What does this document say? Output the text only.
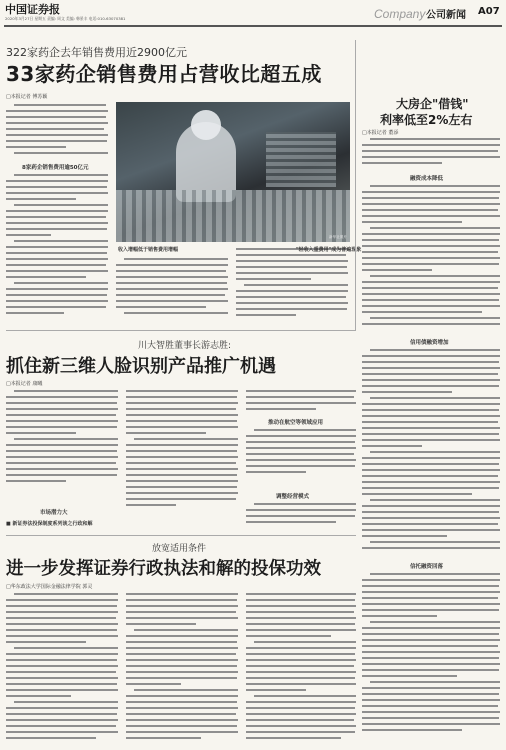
中国证券报
2020年3月27日 星期五 责编: 周文 美编: 韩景丰 电话:010-63070381	Company 公司新闻 A07
322家药企去年销售费用近2900亿元
33家药企销售费用占营收比超五成
□本报记者 傅苏颖
8家药企销售费用逾50亿元
新华社图片
收入增幅低于销售费用增幅	"轻收入重费用"成为普遍现象
大房企"借钱"
利率低至2%左右
□本报记者 董添
融资成本降低
信用债融资增加
信托融资回落
川大智胜董事长游志胜:
抓住新三维人脸识别产品推广机遇
□本报记者 康曦
市场潜力大
■ 新证券法投保制度系列谈之行政和解
推动在航空等领域应用
调整经营模式
放宽适用条件
进一步发挥证券行政执法和解的投保功效
□华东政法大学国际金融法律学院 郭灵
